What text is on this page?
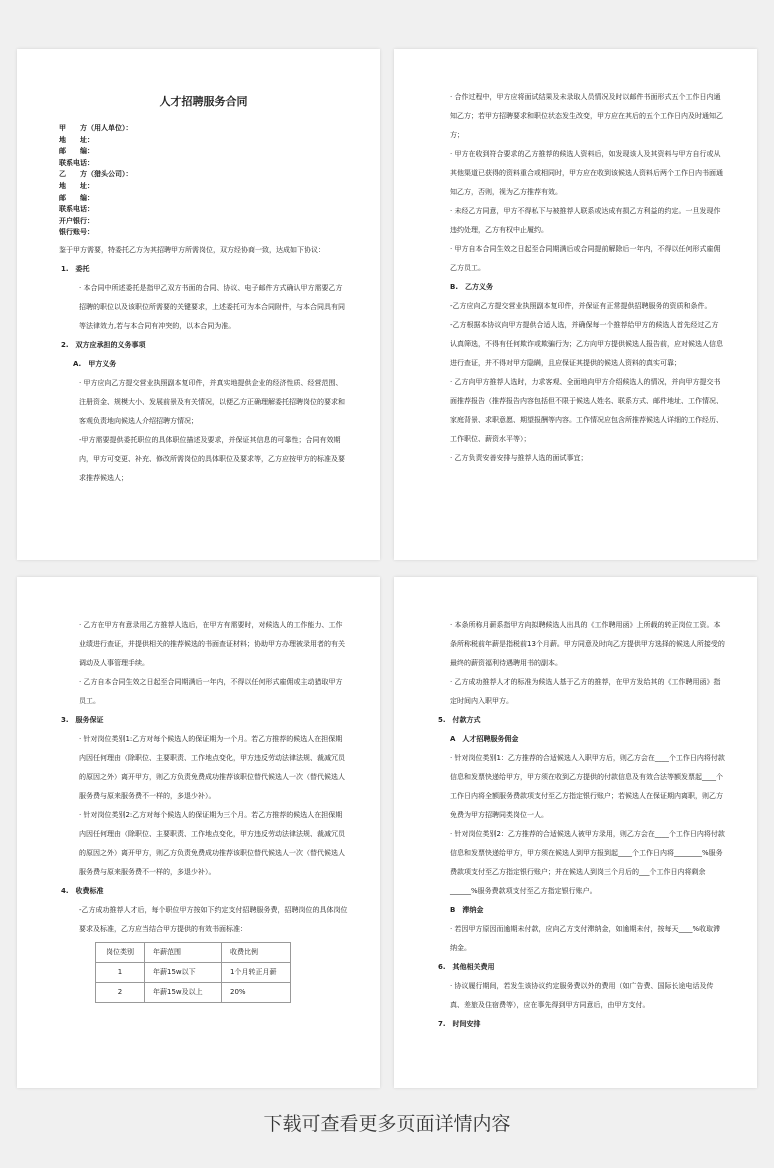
人才招聘服务合同
甲　　方（用人单位）：
地　　址：
邮　　编：
联系电话：
乙　　方（猎头公司）：
地　　址：
邮　　编：
联系电话：
开户银行：
银行账号：
鉴于甲方需要，特委托乙方为其招聘甲方所需岗位，双方经协商一致，达成如下协议：
1.　委托
· 本合同中所述委托是指甲乙双方书面的合同、协议、电子邮件方式确认甲方需要乙方招聘的职位以及该职位所需要的关键要求，上述委托可为本合同附件，与本合同具有同等法律效力,若与本合同有冲突的，以本合同为准。
2.　双方应承担的义务事项
A.　甲方义务
· 甲方应向乙方提交营业执照副本复印件，并真实地提供企业的经济性质、经营范围、注册资金、规模大小、发展前景及有关情况，以便乙方正确理解委托招聘岗位的要求和客观负责地向候选人介绍招聘方情况；
-甲方需要提供委托职位的具体职位描述及要求，并保证其信息的可靠性；合同有效期内，甲方可变更、补充、修改所需岗位的具体职位及要求等，乙方应按甲方的标准及要求推荐候选人；
· 合作过程中，甲方应将面试结果及未录取人员情况及时以邮件书面形式五个工作日内通知乙方；若甲方招聘要求和职位状态发生改变，甲方应在其后的五个工作日内及时通知乙方；
· 甲方在收到符合要求的乙方推荐的候选人资料后，如发现该人及其资料与甲方自行或从其他渠道已获得的资料重合或相同时，甲方应在收到该候选人资料后两个工作日内书面通知乙方，否则，视为乙方推荐有效。
· 未经乙方同意，甲方不得私下与被推荐人联系或达成有损乙方利益的约定。一旦发现作违约处理，乙方有权中止履约。
· 甲方自本合同生效之日起至合同期满后或合同提前解除后一年内，不得以任何形式雇佣乙方员工。
B.　乙方义务
-乙方应向乙方提交营业执照副本复印件，并保证有正常提供招聘服务的资质和条件。
-乙方根据本协议向甲方提供合适人选，并确保每一个推荐给甲方的候选人首先经过乙方认真筛选，不得有任何欺诈或欺骗行为；乙方向甲方提供候选人报告前，应对候选人信息进行查证，并不得对甲方隐瞒，且应保证其提供的候选人资料的真实可靠；
· 乙方向甲方推荐人选时，力求客观、全面地向甲方介绍候选人的情况，并向甲方提交书面推荐报告（推荐报告内容包括但不限于候选人姓名、联系方式、邮件地址、工作情况、家庭背景、求职意愿、期望报酬等内容。工作情况应包含所推荐候选人详细的工作经历、工作职位、薪资水平等）；
· 乙方负责安善安排与推荐人选的面试事宜；
· 乙方在甲方有意录用乙方推荐人选后，在甲方有需要时，对候选人的工作能力、工作业绩进行查证，并提供相关的推荐候选的书面查证材料；协助甲方办理被录用者的有关调动及人事管理手续。
· 乙方自本合同生效之日起至合同期满后一年内，不得以任何形式雇佣或主动猎取甲方员工。
3.　服务保证
· 针对岗位类别1:乙方对每个候选人的保证期为一个月。若乙方推荐的候选人在担保期内因任何理由（除职位、主要职责、工作地点变化，甲方违反劳动法律法规、裁减冗员的原因之外）离开甲方，则乙方负责免费成功推荐该职位替代候选人一次（替代候选人服务费与原来服务费不一样的，多退少补）。
· 针对岗位类别2:乙方对每个候选人的保证期为三个月。若乙方推荐的候选人在担保期内因任何理由（除职位、主要职责、工作地点变化，甲方违反劳动法律法规、裁减冗员的原因之外）离开甲方，则乙方负责免费成功推荐该职位替代候选人一次（替代候选人服务费与原来服务费不一样的，多退少补）。
4.　收费标准
-乙方成功推荐人才后，每个职位甲方按如下约定支付招聘服务费，招聘岗位的具体岗位要求及标准，乙方应当结合甲方提供的有效书面标准：
岗位类别	年薪范围	收费比例
1	年薪15w以下	1个月转正月薪
2	年薪15w及以上	20%
· 本条所称月薪系指甲方向拟聘候选人出具的《工作聘用函》上所载的转正岗位工资。本条所称税前年薪是指税前13个月薪。甲方同意及时向乙方提供甲方选择的候选人所接受的最终的薪资福利待遇聘用书的副本。
· 乙方成功推荐人才的标准为候选人基于乙方的推荐，在甲方发给其的《工作聘用函》指定时间内入职甲方。
5.　付款方式
A　人才招聘服务佣金
· 针对岗位类别1：乙方推荐的合适候选人入职甲方后，则乙方会在____个工作日内将付款信息和发票快递给甲方，甲方须在收到乙方提供的付款信息及有效合法等额发票起____个工作日内将全额服务费款项支付至乙方指定银行账户；若候选人在保证期内离职，则乙方免费为甲方招聘同类岗位一人。
· 针对岗位类别2：乙方推荐的合适候选人被甲方录用，则乙方会在____个工作日内将付款信息和发票快递给甲方，甲方须在候选人到甲方报到起____个工作日内将________%服务费款项支付至乙方指定银行账户；并在候选人到岗三个月后的___个工作日内将剩余______%服务费款项支付至乙方指定银行账户。
B　滞纳金
· 若因甲方原因而逾期未付款，应向乙方支付滞纳金，如逾期未付，按每天____%收取滞纳金。
6.　其他相关费用
· 协议履行期间，若发生该协议约定服务费以外的费用（如广告费、国际长途电话及传真、差旅及住宿费等），应在事先得到甲方同意后，由甲方支付。
7.　时间安排
下载可查看更多页面详情内容
